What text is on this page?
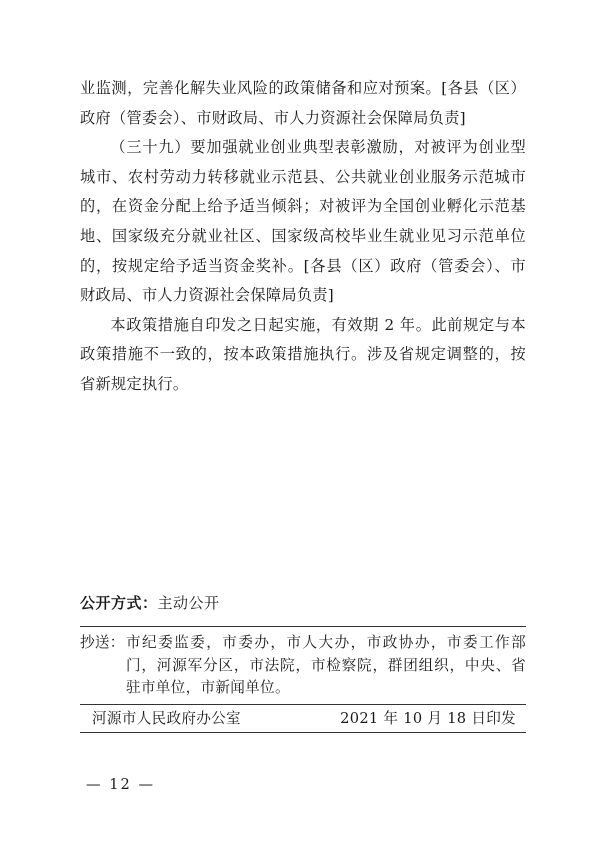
业监测，完善化解失业风险的政策储备和应对预案。[各县（区）政府（管委会）、市财政局、市人力资源社会保障局负责]

（三十九）要加强就业创业典型表彰激励，对被评为创业型城市、农村劳动力转移就业示范县、公共就业创业服务示范城市的，在资金分配上给予适当倾斜；对被评为全国创业孵化示范基地、国家级充分就业社区、国家级高校毕业生就业见习示范单位的，按规定给予适当资金奖补。[各县（区）政府（管委会）、市财政局、市人力资源社会保障局负责]

本政策措施自印发之日起实施，有效期 2 年。此前规定与本政策措施不一致的，按本政策措施执行。涉及省规定调整的，按省新规定执行。

公开方式：主动公开
抄送： 市纪委监委，市委办，市人大办，市政协办，市委工作部门，河源军分区，市法院，市检察院，群团组织，中央、省驻市单位，市新闻单位。
河源市人民政府办公室	2021 年 10 月 18 日印发
— 12 —
